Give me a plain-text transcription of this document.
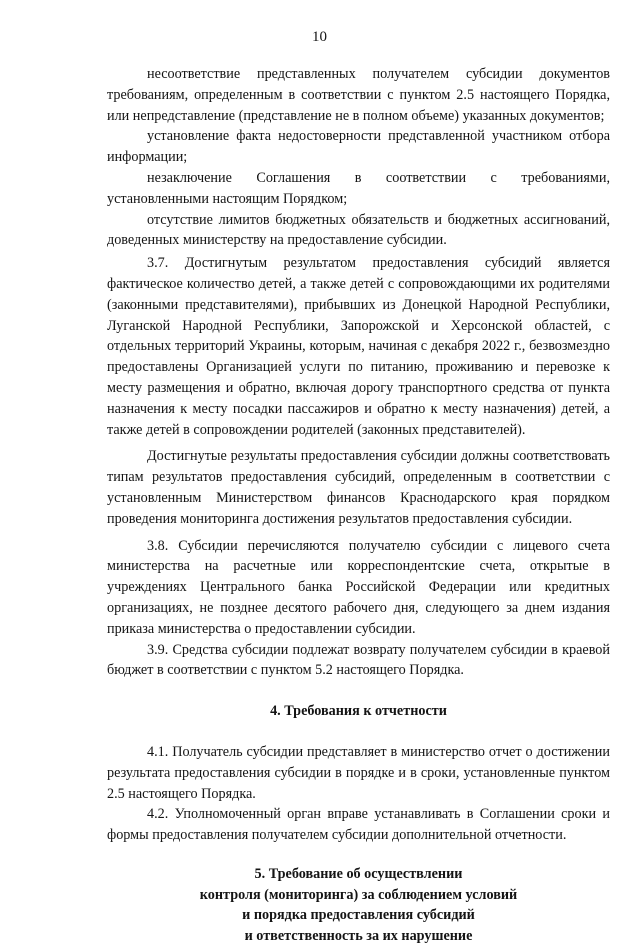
10

несоответствие представленных получателем субсидии документов требованиям, определенным в соответствии с пунктом 2.5 настоящего Порядка, или непредставление (представление не в полном объеме) указанных документов;

установление факта недостоверности представленной участником отбора информации;

незаключение Соглашения в соответствии с требованиями, установленными настоящим Порядком;

отсутствие лимитов бюджетных обязательств и бюджетных ассигнований, доведенных министерству на предоставление субсидии.

3.7. Достигнутым результатом предоставления субсидий является фактическое количество детей, а также детей с сопровождающими их родителями (законными представителями), прибывших из Донецкой Народной Республики, Луганской Народной Республики, Запорожской и Херсонской областей, с отдельных территорий Украины, которым, начиная с декабря 2022 г., безвозмездно предоставлены Организацией услуги по питанию, проживанию и перевозке к месту размещения и обратно, включая дорогу транспортного средства от пункта назначения к месту посадки пассажиров и обратно к месту назначения) детей, а также детей в сопровождении родителей (законных представителей).

Достигнутые результаты предоставления субсидии должны соответствовать типам результатов предоставления субсидий, определенным в соответствии с установленным Министерством финансов Краснодарского края порядком проведения мониторинга достижения результатов предоставления субсидии.

3.8. Субсидии перечисляются получателю субсидии с лицевого счета министерства на расчетные или корреспондентские счета, открытые в учреждениях Центрального банка Российской Федерации или кредитных организациях, не позднее десятого рабочего дня, следующего за днем издания приказа министерства о предоставлении субсидии.

3.9. Средства субсидии подлежат возврату получателем субсидии в краевой бюджет в соответствии с пунктом 5.2 настоящего Порядка.

4. Требования к отчетности

4.1. Получатель субсидии представляет в министерство отчет о достижении результата предоставления субсидии в порядке и в сроки, установленные пунктом 2.5 настоящего Порядка.

4.2. Уполномоченный орган вправе устанавливать в Соглашении сроки и формы предоставления получателем субсидии дополнительной отчетности.

5. Требование об осуществлении
контроля (мониторинга) за соблюдением условий
и порядка предоставления субсидий
и ответственность за их нарушение
